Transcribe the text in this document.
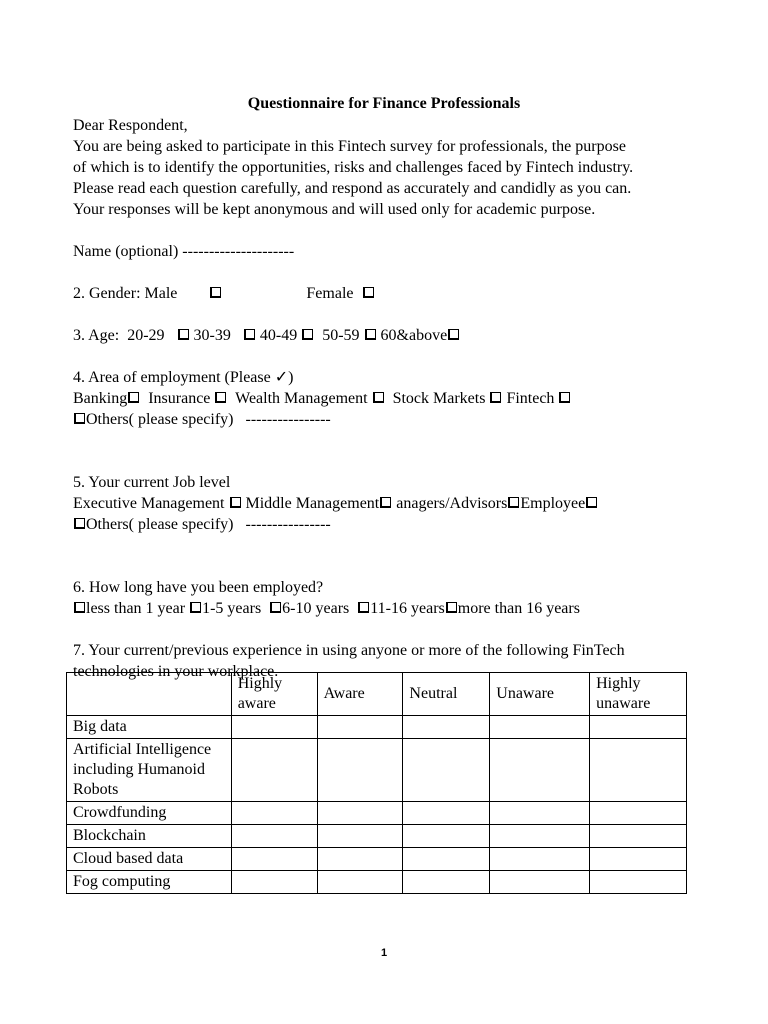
Questionnaire for Finance Professionals

Dear Respondent,

You are being asked to participate in this Fintech survey for professionals, the purpose

of which is to identify the opportunities, risks and challenges faced by Fintech industry.

Please read each question carefully, and respond as accurately and candidly as you can.

Your responses will be kept anonymous and will used only for academic purpose.

Name (optional) ---------------------

2. Gender: Male	Female

3. Age: 20-29 30-39 40-49 50-59 60&above

4. Area of employment (Please ✓)

Banking Insurance Wealth Management Stock Markets Fintech

Others( please specify) ----------------

5. Your current Job level

Executive Management Middle Management anagers/Advisors Employee

Others( please specify) ----------------

6. How long have you been employed?

less than 1 year 1-5 years 6-10 years 11-16 years more than 16 years

7. Your current/previous experience in using anyone or more of the following FinTech

technologies in your workplace.

	Highly aware	Aware	Neutral	Unaware	Highly unaware
Big data					
Artificial Intelligence including Humanoid Robots					
Crowdfunding					
Blockchain					
Cloud based data					
Fog computing					
1
